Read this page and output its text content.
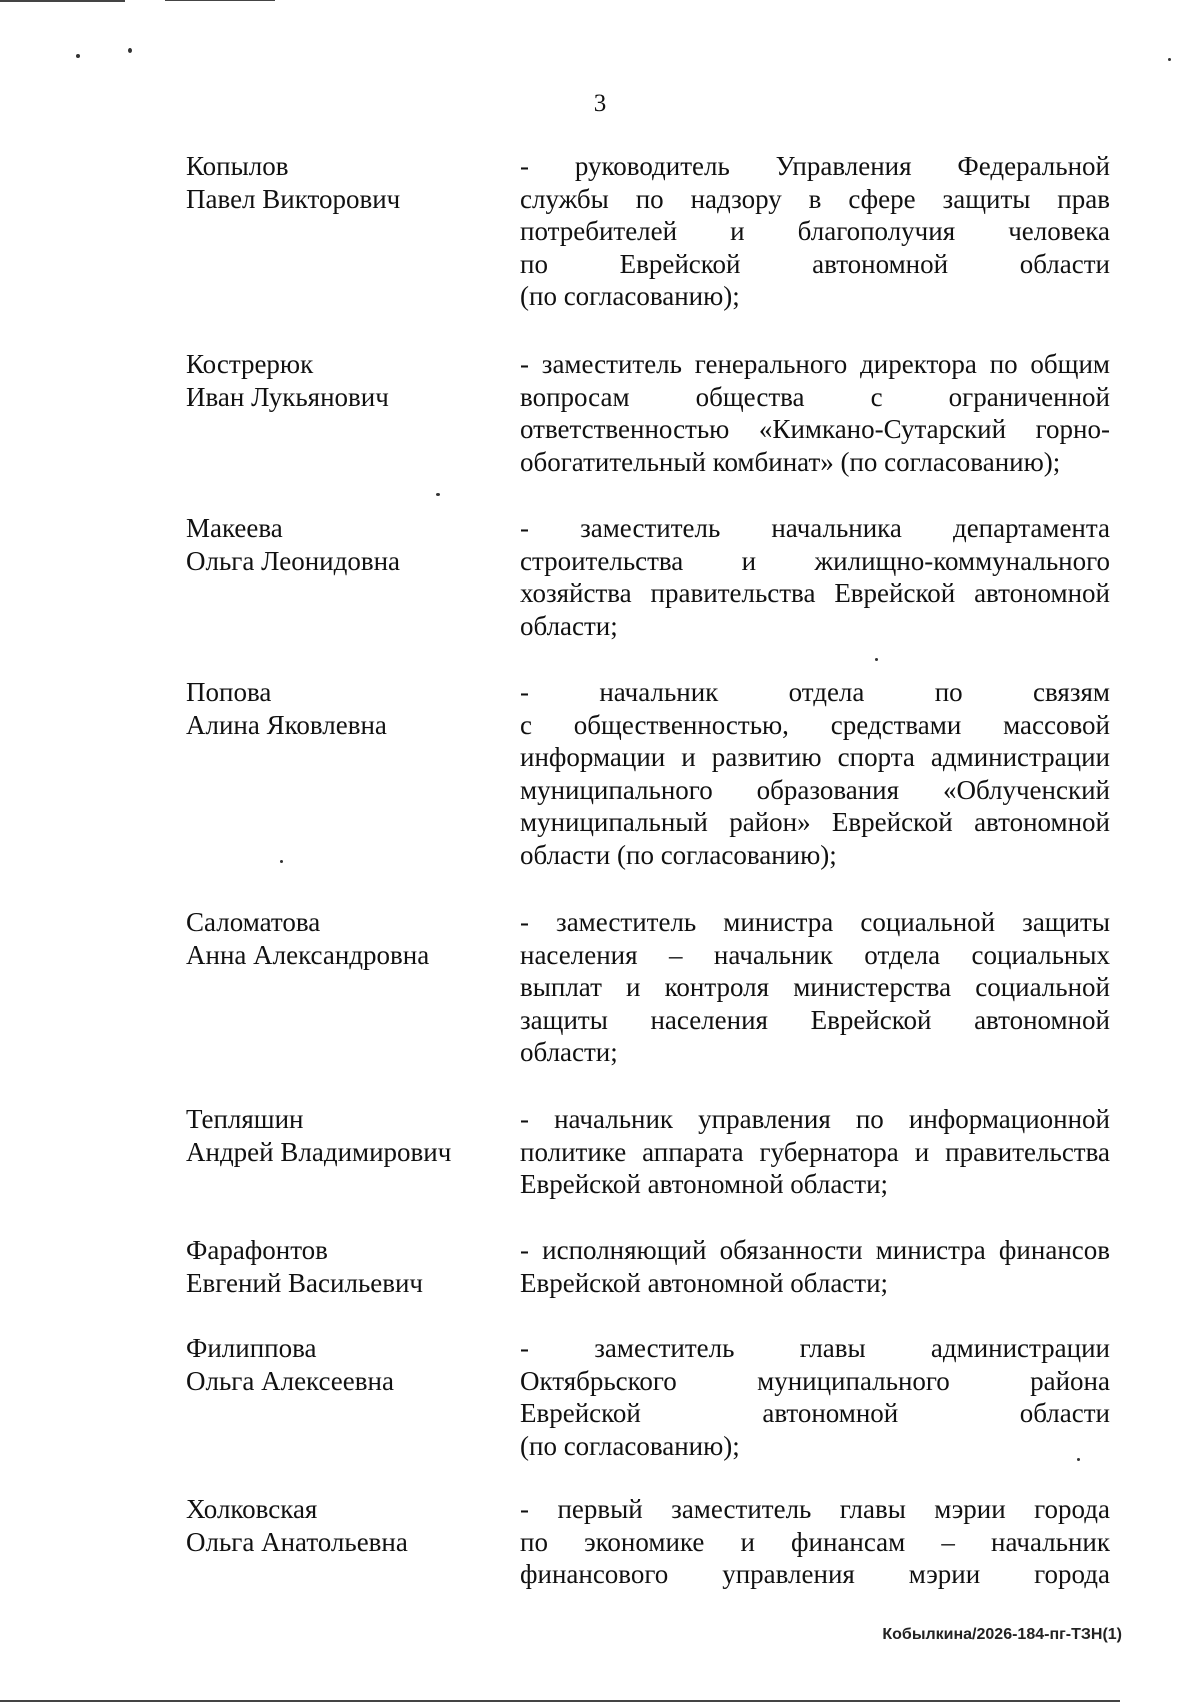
3
Копылов
Павел Викторович
- руководитель Управления Федеральной
службы по надзору в сфере защиты прав
потребителей и благополучия человека
по Еврейской автономной области
(по согласованию);
Кострерюк
Иван Лукьянович
- заместитель генерального директора по общим
вопросам общества с ограниченной
ответственностью «Кимкано-Сутарский горно-
обогатительный комбинат» (по согласованию);
Макеева
Ольга Леонидовна
- заместитель начальника департамента
строительства и жилищно-коммунального
хозяйства правительства Еврейской автономной
области;
Попова
Алина Яковлевна
- начальник отдела по связям
с общественностью, средствами массовой
информации и развитию спорта администрации
муниципального образования «Облученский
муниципальный район» Еврейской автономной
области (по согласованию);
Саломатова
Анна Александровна
- заместитель министра социальной защиты
населения – начальник отдела социальных
выплат и контроля министерства социальной
защиты населения Еврейской автономной
области;
Тепляшин
Андрей Владимирович
- начальник управления по информационной
политике аппарата губернатора и правительства
Еврейской автономной области;
Фарафонтов
Евгений Васильевич
- исполняющий обязанности министра финансов
Еврейской автономной области;
Филиппова
Ольга Алексеевна
- заместитель главы администрации
Октябрьского муниципального района
Еврейской автономной области
(по согласованию);
Холковская
Ольга Анатольевна
- первый заместитель главы мэрии города
по экономике и финансам – начальник
финансового управления мэрии города
Кобылкина/2026-184-пг-ТЗН(1)
